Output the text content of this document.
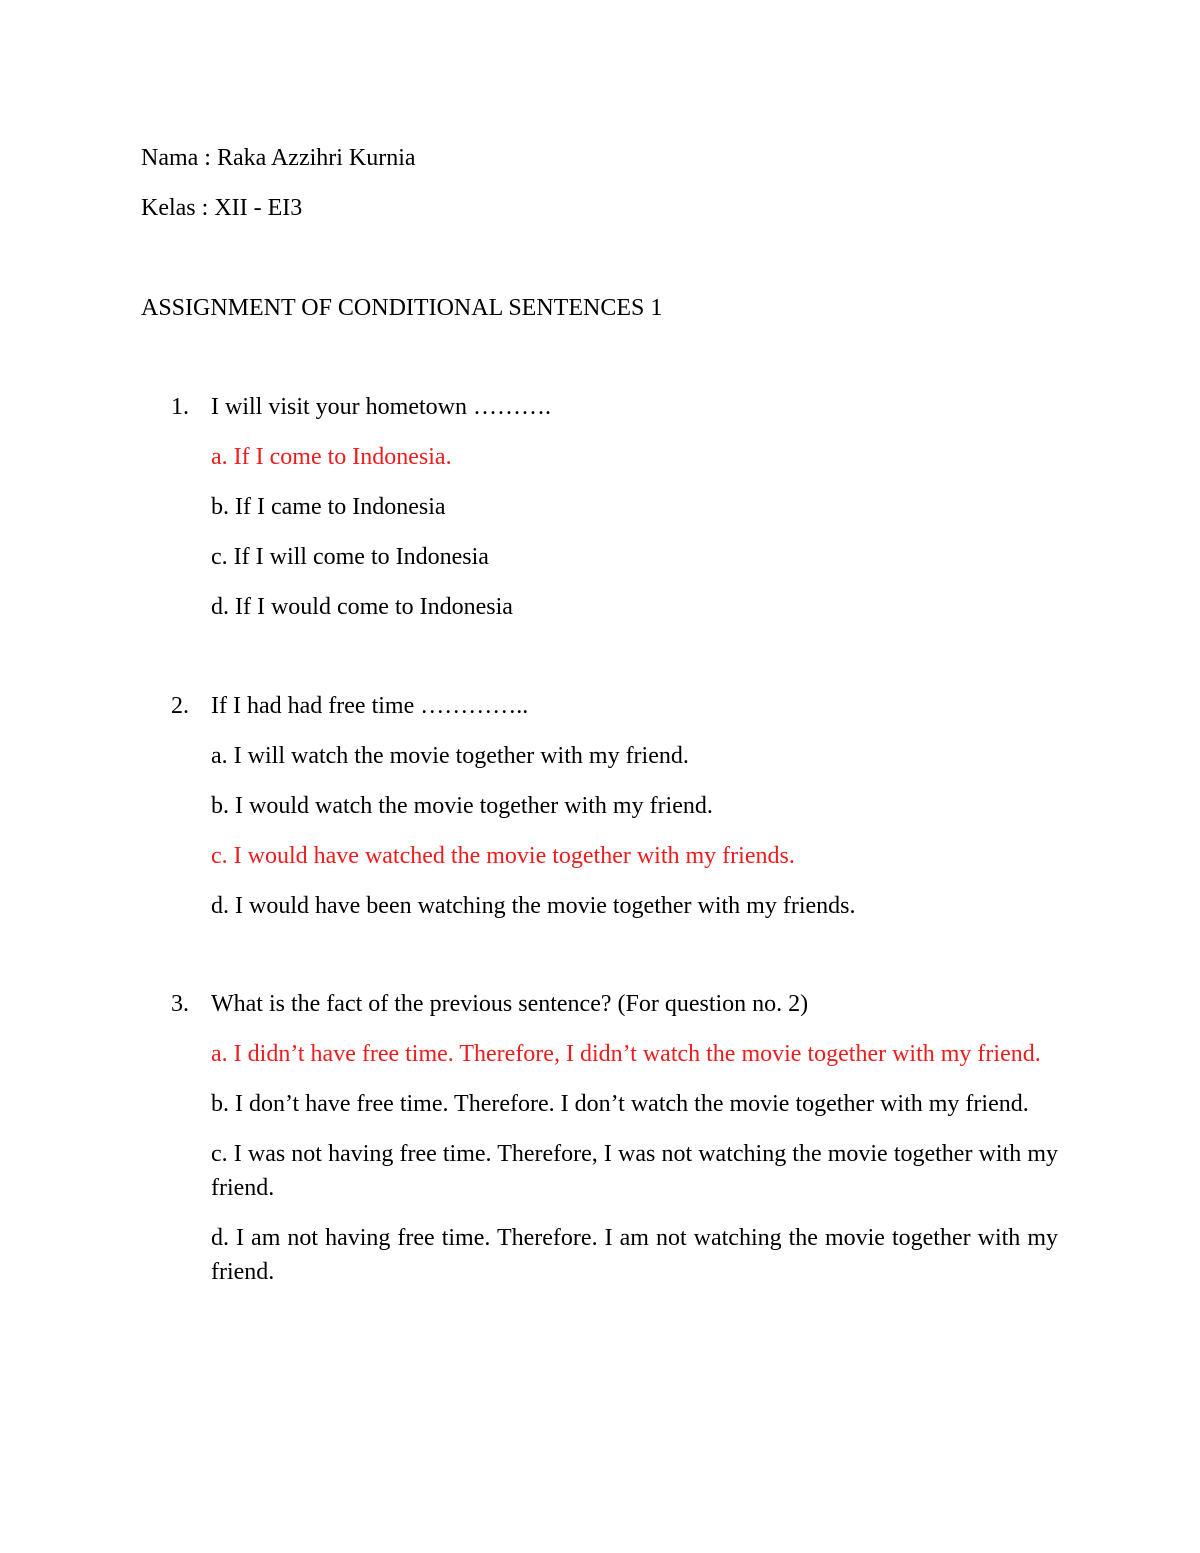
Nama : Raka Azzihri Kurnia
Kelas : XII - EI3
ASSIGNMENT OF CONDITIONAL SENTENCES 1
1. I will visit your hometown ……….
a. If I come to Indonesia.
b. If I came to Indonesia
c. If I will come to Indonesia
d. If I would come to Indonesia
2. If I had had free time …………..
a. I will watch the movie together with my friend.
b. I would watch the movie together with my friend.
c. I would have watched the movie together with my friends.
d. I would have been watching the movie together with my friends.
3. What is the fact of the previous sentence? (For question no. 2)
a. I didn’t have free time. Therefore, I didn’t watch the movie together with my friend.
b. I don’t have free time. Therefore. I don’t watch the movie together with my friend.
c. I was not having free time. Therefore, I was not watching the movie together with my friend.
d. I am not having free time. Therefore. I am not watching the movie together with my friend.
